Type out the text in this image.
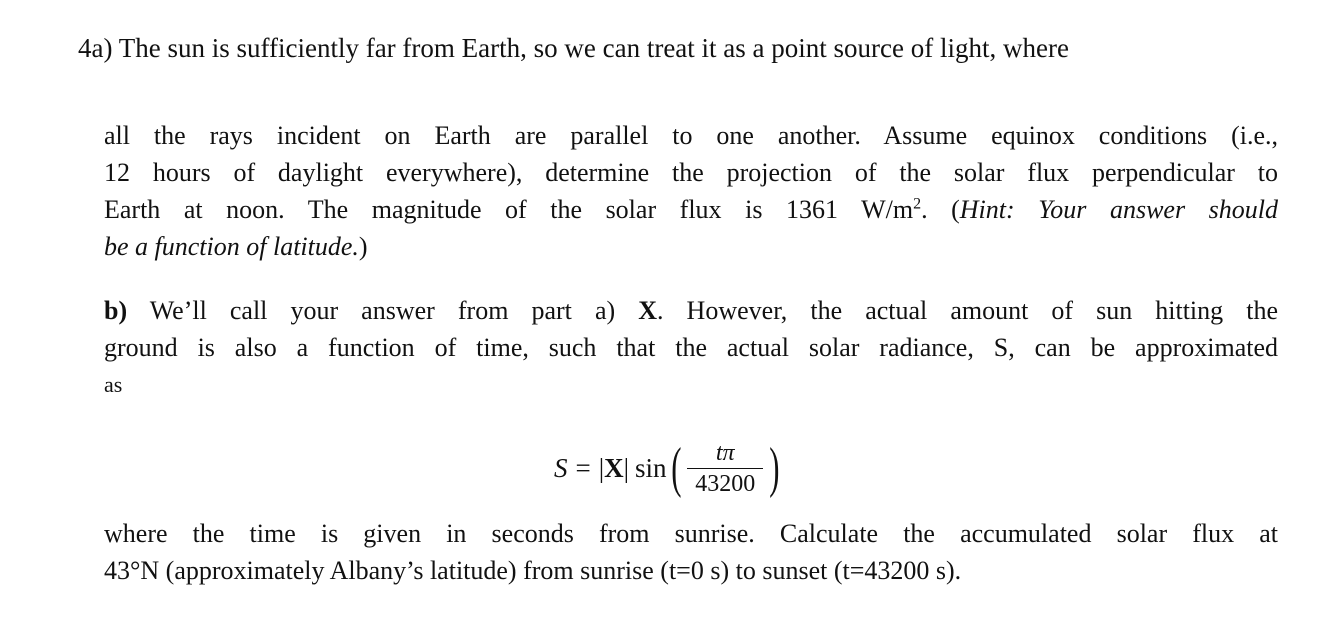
4a) The sun is sufficiently far from Earth, so we can treat it as a point source of light, where
all the rays incident on Earth are parallel to one another. Assume equinox conditions (i.e.,
12 hours of daylight everywhere), determine the projection of the solar flux perpendicular to
Earth at noon. The magnitude of the solar flux is 1361 $W/m^2$. (Hint: Your answer should
be a function of latitude.)
b) We’ll call your answer from part a) X. However, the actual amount of sun hitting the
ground is also a function of time, such that the actual solar radiance, S, can be approximated
as
S = | X | sin ( $\frac{t\pi}{43200}$ )
where the time is given in seconds from sunrise. Calculate the accumulated solar flux at
43°N (approximately Albany’s latitude) from sunrise (t=0 s) to sunset (t=43200 s).
